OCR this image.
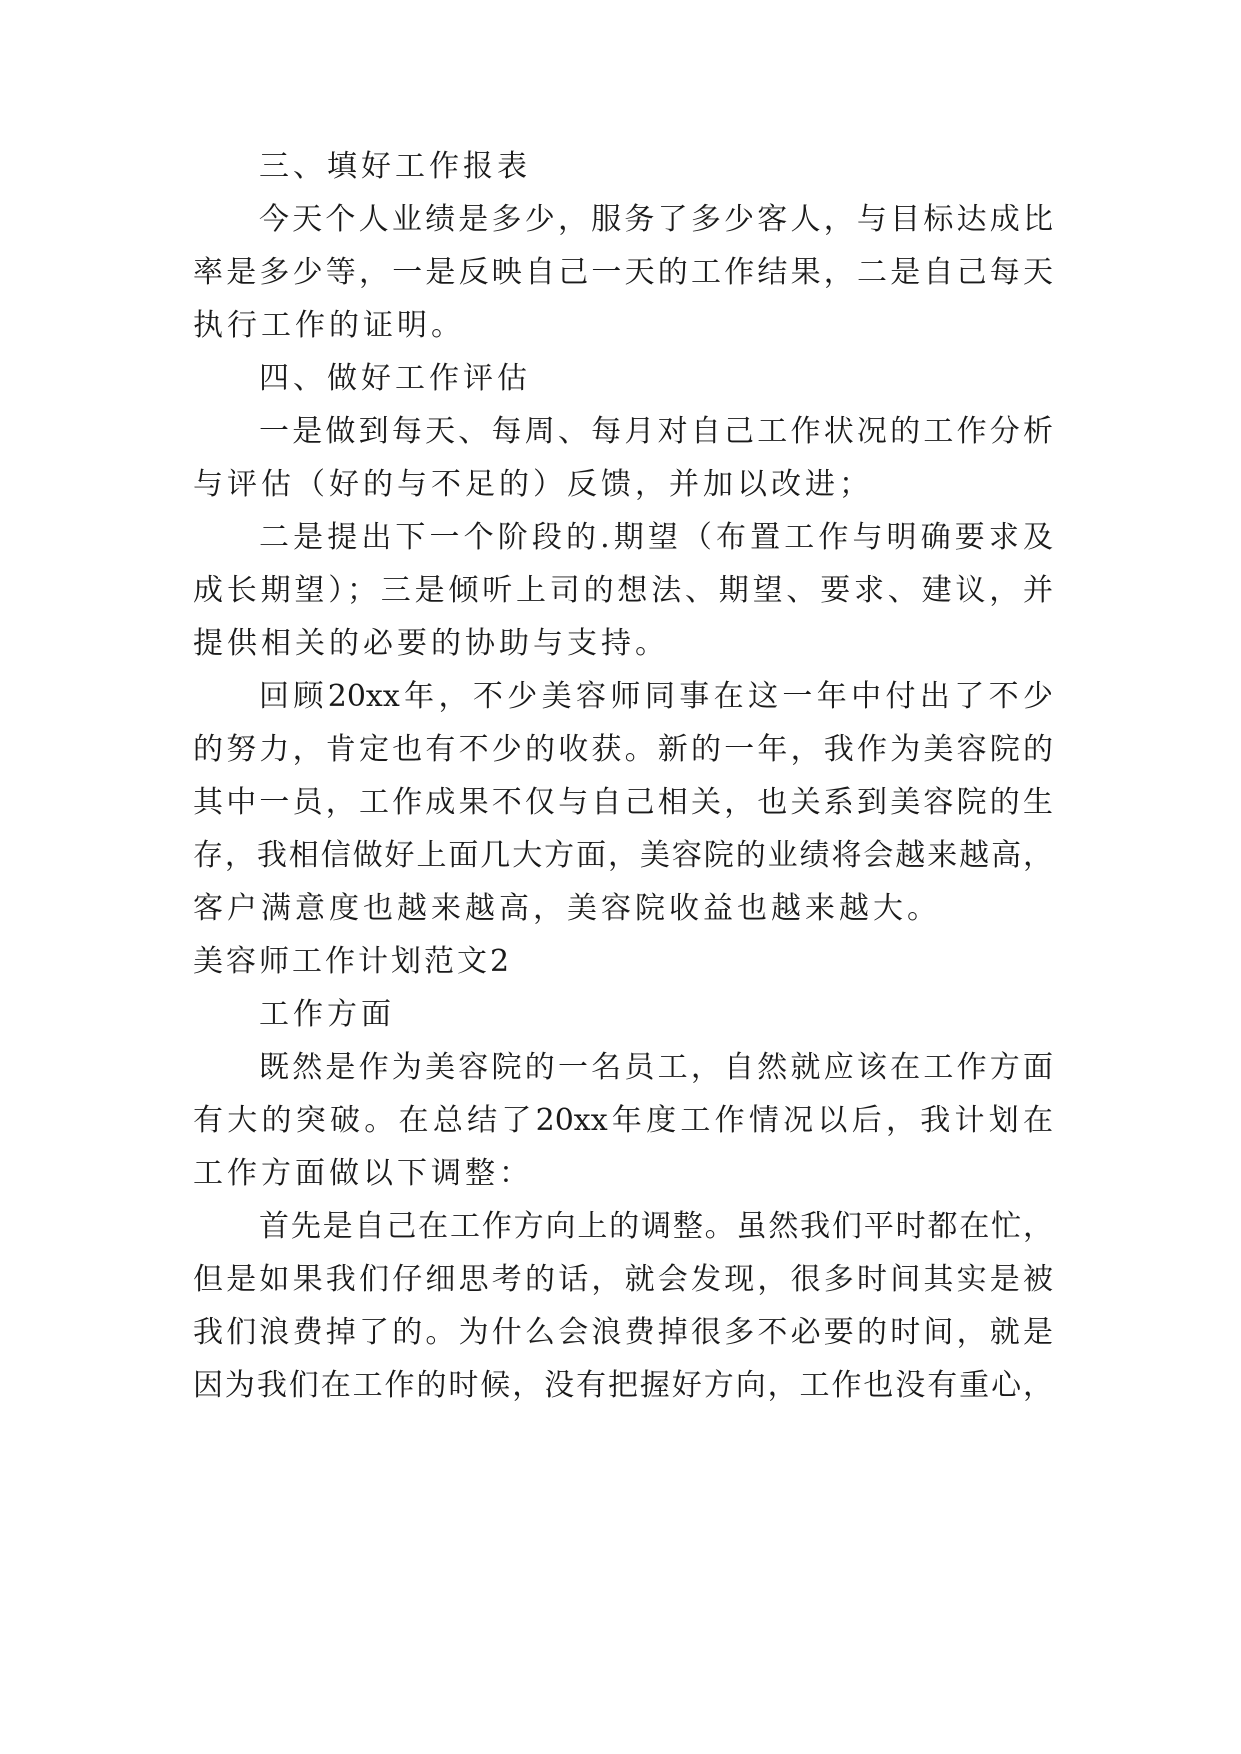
三、填好工作报表
今天个人业绩是多少，服务了多少客人，与目标达成比
率是多少等，一是反映自己一天的工作结果，二是自己每天
执行工作的证明。
四、做好工作评估
一是做到每天、每周、每月对自己工作状况的工作分析
与评估（好的与不足的）反馈，并加以改进；
二是提出下一个阶段的.期望（布置工作与明确要求及
成长期望）；三是倾听上司的想法、期望、要求、建议，并
提供相关的必要的协助与支持。
回顾20xx年，不少美容师同事在这一年中付出了不少
的努力，肯定也有不少的收获。新的一年，我作为美容院的
其中一员，工作成果不仅与自己相关，也关系到美容院的生
存，我相信做好上面几大方面，美容院的业绩将会越来越高，
客户满意度也越来越高，美容院收益也越来越大。
美容师工作计划范文2
工作方面
既然是作为美容院的一名员工，自然就应该在工作方面
有大的突破。在总结了20xx年度工作情况以后，我计划在
工作方面做以下调整：
首先是自己在工作方向上的调整。虽然我们平时都在忙，
但是如果我们仔细思考的话，就会发现，很多时间其实是被
我们浪费掉了的。为什么会浪费掉很多不必要的时间，就是
因为我们在工作的时候，没有把握好方向，工作也没有重心，
